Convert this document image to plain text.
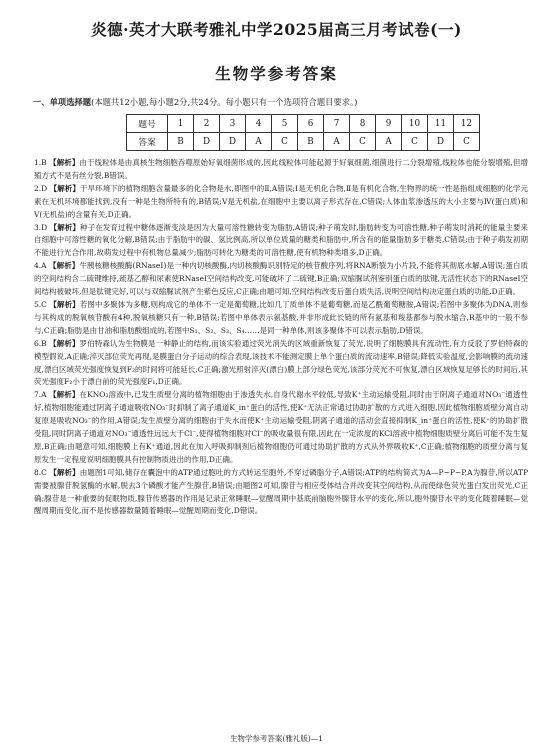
炎德·英才大联考雅礼中学2025届高三月考试卷(一)
生物学参考答案
一、单项选择题(本题共12小题,每小题2分,共24分。每小题只有一个选项符合题目要求。)
题号	1	2	3	4	5	6	7	8	9	10	11	12
答案	B	D	D	A	C	B	A	C	A	C	D	C

1.B 【解析】由于线粒体是由真核生物细胞吞噬原始好氧细菌形成的,因此线粒体可能起源于好氧细菌,细菌进行二分裂增殖,线粒体也能分裂增殖,但增殖方式不是有丝分裂,B错误。

2.D 【解析】干旱环境下的植物细胞含量最多的化合物是水,即图中的Ⅱ,A错误;Ⅰ是无机化合物,Ⅱ是有机化合物,生物界的统一性是指组成细胞的化学元素在无机环境都能找到,没有一种是生物所特有的,B错误;Ⅴ是无机盐,在细胞中主要以离子形式存在,C错误;人体血浆渗透压的大小主要与Ⅳ(蛋白质)和Ⅴ(无机盐)的含量有关,D正确。

3.D 【解析】种子在发育过程中糖体逐渐变淡是因为大量可溶性糖转变为脂肪,A错误;种子萌发时,脂肪转变为可溶性糖,种子萌发时消耗的能量主要来自细胞中可溶性糖的氧化分解,B错误;由于脂肪中的碳、氢比例高,所以单位质量的糖类和脂肪中,所含有的能量脂肪多于糖类,C错误;由于种子萌发初期不能进行光合作用,故萌发过程中有机物总量减少;脂肪可转化为糖类的可溶性糖,使有机物种类增多,D正确。

4.A 【解析】牛胰核糖核酸酶(RNaseⅠ)是一种内切核酸酶,内切核酸酶识别特定的核苷酸序列,将RNA断裂为小片段,不能将其彻底水解,A错误;蛋白质的空间结构含二硫键维持,巯基乙醇和尿素使RNaseⅠ空间结构改变,可能破坏了二硫键,B正确;双缩脲试剂鉴别蛋白质的肽键,无活性状态下的RNaseⅠ空间结构被破坏,但是肽键完好,可以与双缩脲试剂产生紫色反应,C正确;由题可知,空间结构改变后蛋白质失活,说明空间结构决定蛋白质的功能,D正确。

5.C 【解析】若图中多聚体为多糖,则构成它的单体不一定是葡萄糖,比如几丁质单体不是葡萄糖,而是乙酰葡萄糖胺,A错误;若图中多聚体为DNA,则参与其构成的脱氧核苷酸有4种,脱氧核糖只有一种,B错误;若图中单体表示氨基酸,并非形成此长链的所有氨基和羧基都参与脱水缩合,R基中的一般不参与,C正确;脂肪是由甘油和脂肪酸组成的,若图中S₁、S₂、S₃、S₄……是同一种单体,则该多聚体不可以表示脂肪,D错误。

6.B 【解析】罗伯特森认为生物膜是一种静止的结构,而该实验通过荧光消失的区域重新恢复了荧光,说明了细胞膜具有流动性,有力反驳了罗伯特森的模型假说,A正确;淬灭部位荧光再现,是膜蛋白分子运动的综合表现,该技术不能测定膜上单个蛋白质的流动速率,B错误;降低实验温度,会影响膜的流动速度,漂白区域荧光强度恢复到F₂的时间将可能延长,C正确;激光照射淬灭(漂白)膜上部分绿色荧光,该部分荧光不可恢复,漂白区域恢复足够长的时间后,其荧光强度F₂小于漂白前的荧光强度F₁,D正确。

7.A 【解析】在KNO₃溶液中,已发生质壁分离的植物细胞由于渗透失水,自身代谢水平较低,导致K⁺主动运输受阻,同时由于阴离子通道对NO₃⁻通透性好,植物细胞能通过阴离子通道吸收NO₃⁻时抑制了离子通道K_in⁺蛋白的活性,使K⁺无法正常通过协助扩散的方式进入细胞,因此植物细胞质壁分离自动复原是吸收NO₃⁻的作用,A错误;发生质壁分离的细胞由于失水而使K⁺主动运输受阻,阴离子通道的活动会直接抑制K_in⁺蛋白的活性,使K⁺的协助扩散受阻,同时阴离子通道对NO₃⁻通透性远远大于Cl⁻,使得植物细胞对Cl⁻的吸收量很有限,因此在一定浓度的KCl溶液中植物细胞质壁分离后可能不发生复原,B正确;由题意可知,细胞膜上有K⁺通道,因此在加入呼吸抑制剂后植物细胞仍可通过协助扩散的方式从外界吸收K⁺,C正确;植物细胞的质壁分离与复原发生一定程度说明细胞膜具有控制物质进出的作用,D正确。

8.C 【解析】由题图1可知,储存在囊泡中的ATP通过胞吐的方式转运至胞外,不穿过磷脂分子,A错误;ATP的结构简式为A—P~P~P,A为腺苷,所以ATP需要被腺苷脱氢酶的水解,脱去3个磷酸才能产生腺苷,B错误;由题图2可知,腺苷与相应受体结合并改变其空间结构,从而使绿色荧光蛋白发出荧光,C正确;腺苷是一种重要的促眠物质,腺苷传感器的作用是记录正常睡眠—觉醒周期中基底前脑胞外腺苷水平的变化,所以,胞外腺苷水平的变化随着睡眠—觉醒周期而变化,而不是传感器数量随着睡眠—觉醒周期而变化,D错误。

生物学参考答案(雅礼版)—1
